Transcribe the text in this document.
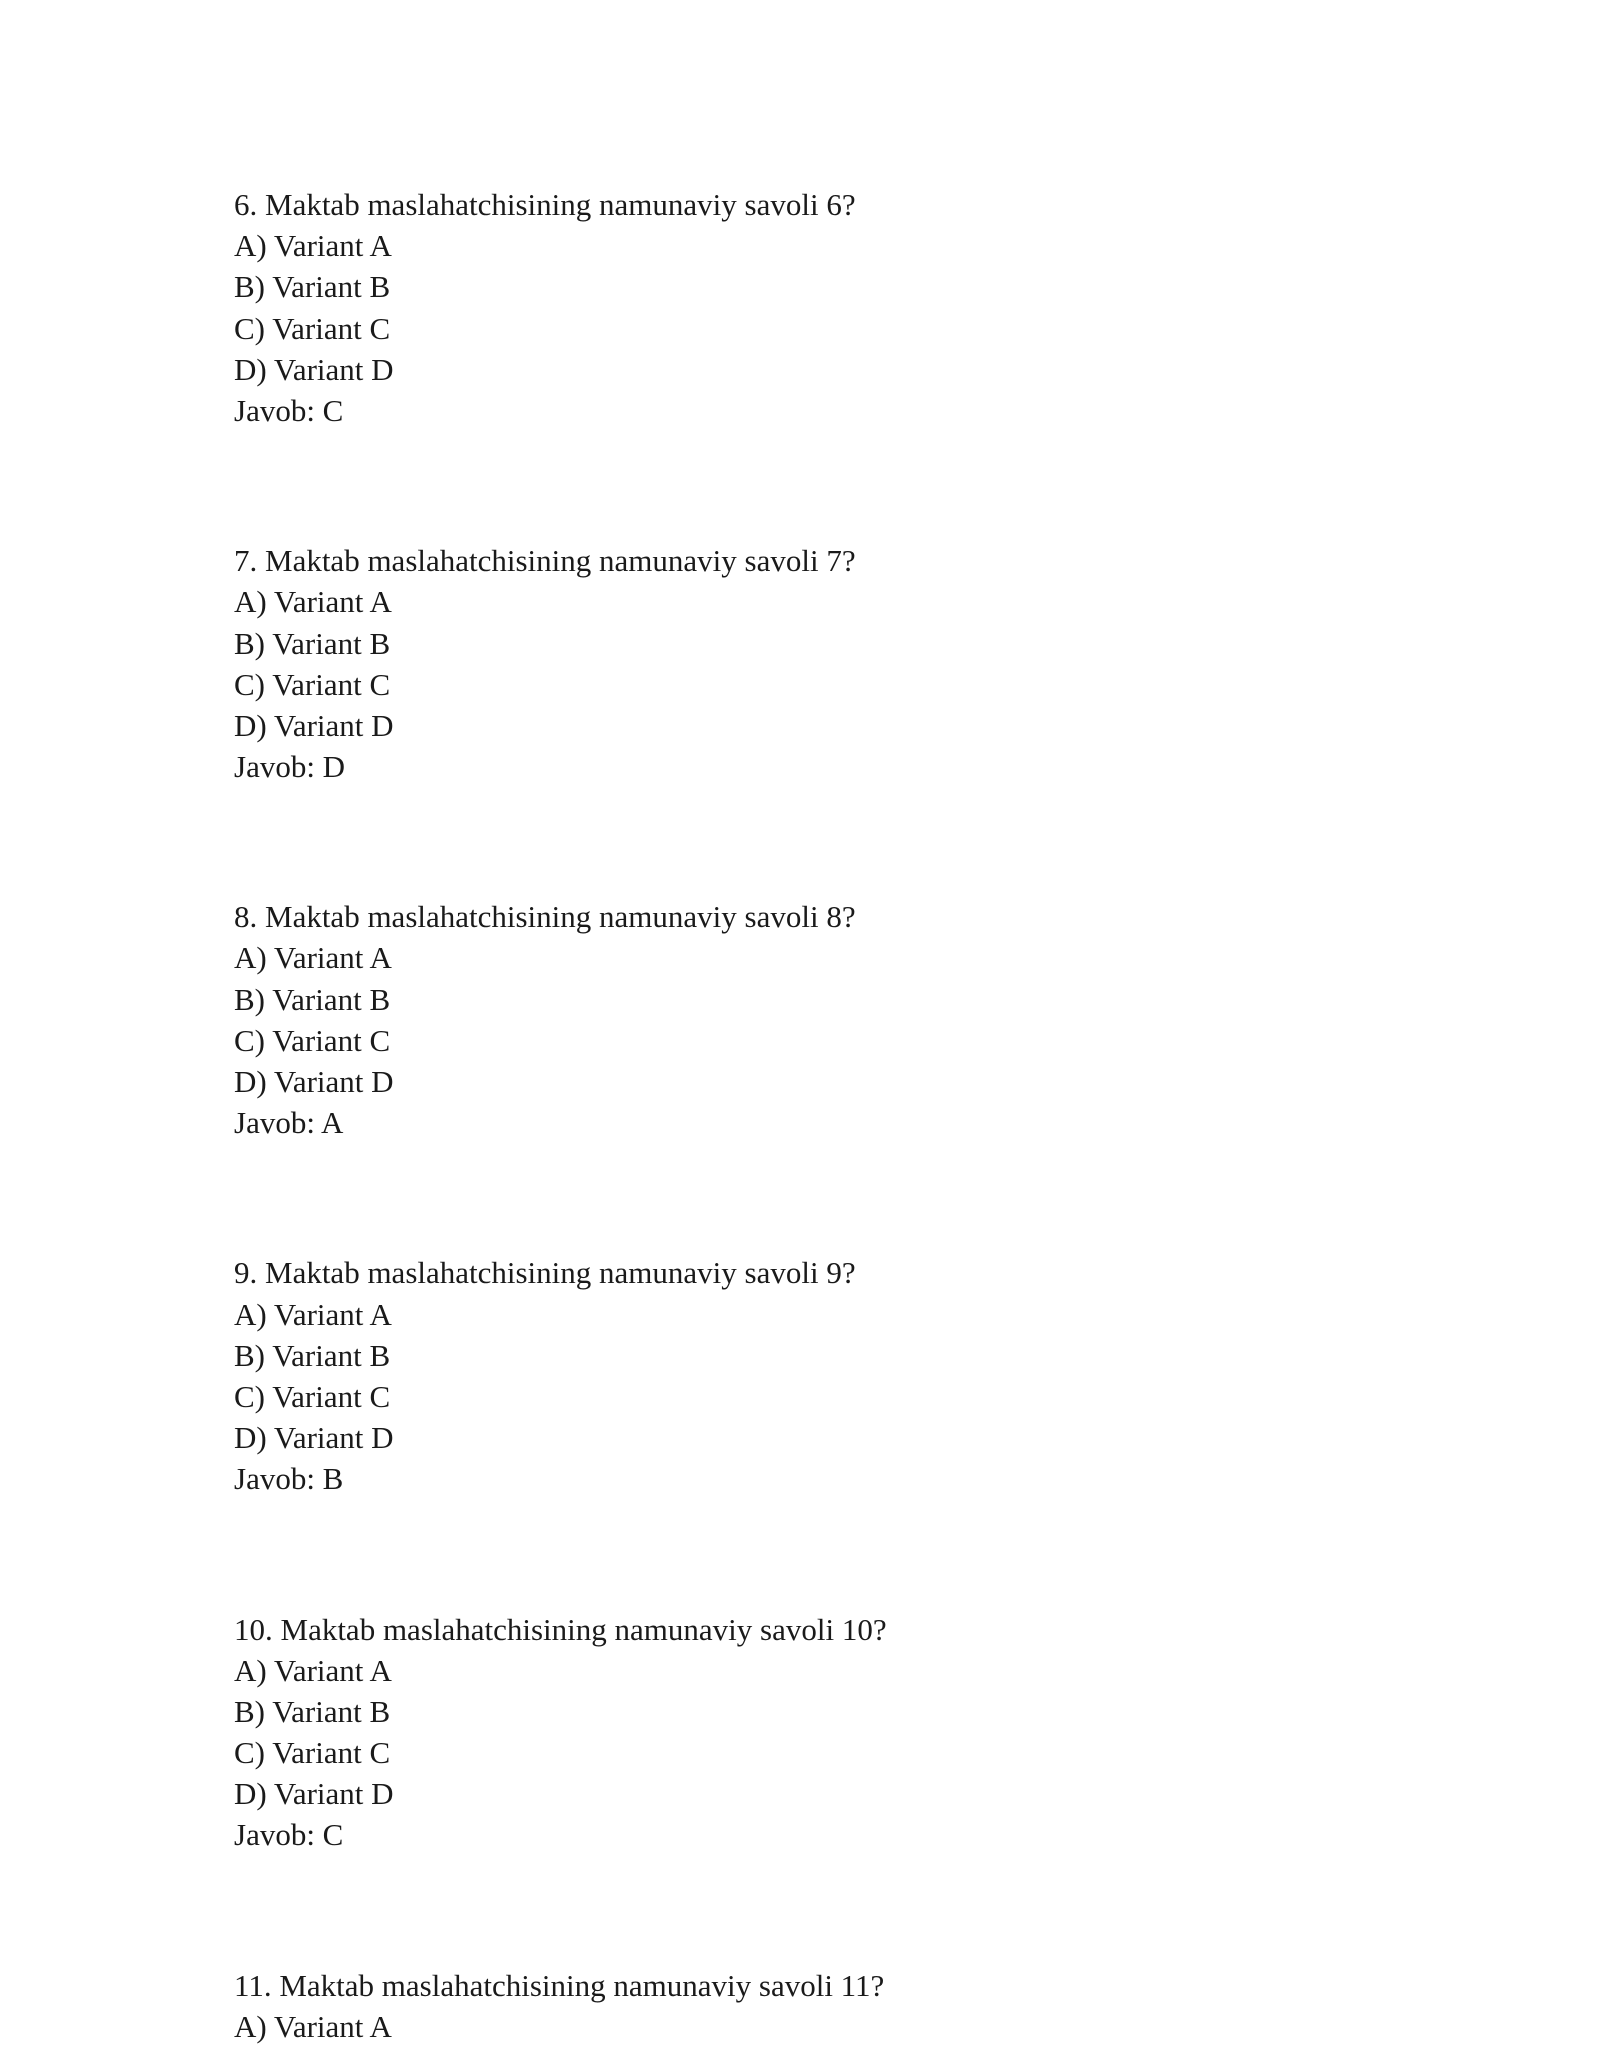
6. Maktab maslahatchisining namunaviy savoli 6?
A) Variant A
B) Variant B
C) Variant C
D) Variant D
Javob: C
7. Maktab maslahatchisining namunaviy savoli 7?
A) Variant A
B) Variant B
C) Variant C
D) Variant D
Javob: D
8. Maktab maslahatchisining namunaviy savoli 8?
A) Variant A
B) Variant B
C) Variant C
D) Variant D
Javob: A
9. Maktab maslahatchisining namunaviy savoli 9?
A) Variant A
B) Variant B
C) Variant C
D) Variant D
Javob: B
10. Maktab maslahatchisining namunaviy savoli 10?
A) Variant A
B) Variant B
C) Variant C
D) Variant D
Javob: C
11. Maktab maslahatchisining namunaviy savoli 11?
A) Variant A
